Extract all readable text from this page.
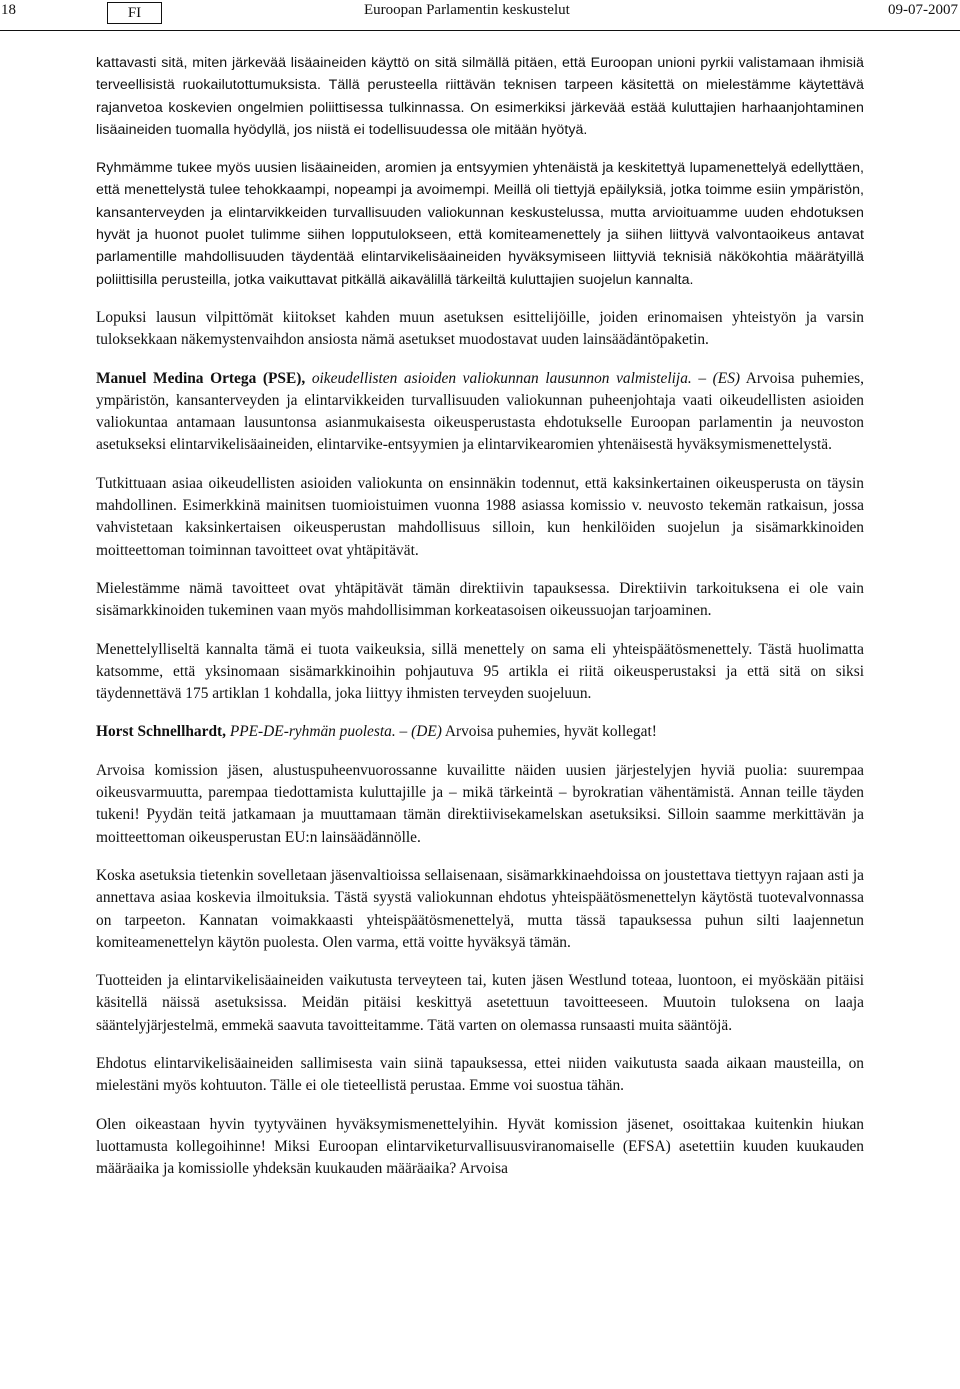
18	FI	Euroopan Parlamentin keskustelut	09-07-2007

kattavasti sitä, miten järkevää lisäaineiden käyttö on sitä silmällä pitäen, että Euroopan unioni pyrkii valistamaan ihmisiä terveellisistä ruokailutottumuksista. Tällä perusteella riittävän teknisen tarpeen käsitettä on mielestämme käytettävä rajanvetoa koskevien ongelmien poliittisessa tulkinnassa. On esimerkiksi järkevää estää kuluttajien harhaanjohtaminen lisäaineiden tuomalla hyödyllä, jos niistä ei todellisuudessa ole mitään hyötyä.

Ryhmämme tukee myös uusien lisäaineiden, aromien ja entsyymien yhtenäistä ja keskitettyä lupamenettelyä edellyttäen, että menettelystä tulee tehokkaampi, nopeampi ja avoimempi. Meillä oli tiettyjä epäilyksiä, jotka toimme esiin ympäristön, kansanterveyden ja elintarvikkeiden turvallisuuden valiokunnan keskustelussa, mutta arvioituamme uuden ehdotuksen hyvät ja huonot puolet tulimme siihen lopputulokseen, että komiteamenettely ja siihen liittyvä valvontaoikeus antavat parlamentille mahdollisuuden täydentää elintarvikelisäaineiden hyväksymiseen liittyviä teknisiä näkökohtia määrätyillä poliittisilla perusteilla, jotka vaikuttavat pitkällä aikavälillä tärkeiltä kuluttajien suojelun kannalta.

Lopuksi lausun vilpittömät kiitokset kahden muun asetuksen esittelijöille, joiden erinomaisen yhteistyön ja varsin tuloksekkaan näkemystenvaihdon ansiosta nämä asetukset muodostavat uuden lainsäädäntöpaketin.

Manuel Medina Ortega (PSE), oikeudellisten asioiden valiokunnan lausunnon valmistelija. – (ES) Arvoisa puhemies, ympäristön, kansanterveyden ja elintarvikkeiden turvallisuuden valiokunnan puheenjohtaja vaati oikeudellisten asioiden valiokuntaa antamaan lausuntonsa asianmukaisesta oikeusperustasta ehdotukselle Euroopan parlamentin ja neuvoston asetukseksi elintarvikelisäaineiden, elintarvike-entsyymien ja elintarvikearomien yhtenäisestä hyväksymismenettelystä.

Tutkittuaan asiaa oikeudellisten asioiden valiokunta on ensinnäkin todennut, että kaksinkertainen oikeusperusta on täysin mahdollinen. Esimerkkinä mainitsen tuomioistuimen vuonna 1988 asiassa komissio v. neuvosto tekemän ratkaisun, jossa vahvistetaan kaksinkertaisen oikeusperustan mahdollisuus silloin, kun henkilöiden suojelun ja sisämarkkinoiden moitteettoman toiminnan tavoitteet ovat yhtäpitävät.

Mielestämme nämä tavoitteet ovat yhtäpitävät tämän direktiivin tapauksessa. Direktiivin tarkoituksena ei ole vain sisämarkkinoiden tukeminen vaan myös mahdollisimman korkeatasoisen oikeussuojan tarjoaminen.

Menettelylliseltä kannalta tämä ei tuota vaikeuksia, sillä menettely on sama eli yhteispäätösmenettely. Tästä huolimatta katsomme, että yksinomaan sisämarkkinoihin pohjautuva 95 artikla ei riitä oikeusperustaksi ja että sitä on siksi täydennettävä 175 artiklan 1 kohdalla, joka liittyy ihmisten terveyden suojeluun.

Horst Schnellhardt, PPE-DE-ryhmän puolesta. – (DE) Arvoisa puhemies, hyvät kollegat!

Arvoisa komission jäsen, alustuspuheenvuorossanne kuvailitte näiden uusien järjestelyjen hyviä puolia: suurempaa oikeusvarmuutta, parempaa tiedottamista kuluttajille ja – mikä tärkeintä – byrokratian vähentämistä. Annan teille täyden tukeni! Pyydän teitä jatkamaan ja muuttamaan tämän direktiivisekamelskan asetuksiksi. Silloin saamme merkittävän ja moitteettoman oikeusperustan EU:n lainsäädännölle.

Koska asetuksia tietenkin sovelletaan jäsenvaltioissa sellaisenaan, sisämarkkinaehdoissa on joustettava tiettyyn rajaan asti ja annettava asiaa koskevia ilmoituksia. Tästä syystä valiokunnan ehdotus yhteispäätösmenettelyn käytöstä tuotevalvonnassa on tarpeeton. Kannatan voimakkaasti yhteispäätösmenettelyä, mutta tässä tapauksessa puhun silti laajennetun komiteamenettelyn käytön puolesta. Olen varma, että voitte hyväksyä tämän.

Tuotteiden ja elintarvikelisäaineiden vaikutusta terveyteen tai, kuten jäsen Westlund toteaa, luontoon, ei myöskään pitäisi käsitellä näissä asetuksissa. Meidän pitäisi keskittyä asetettuun tavoitteeseen. Muutoin tuloksena on laaja sääntelyjärjestelmä, emmekä saavuta tavoitteitamme. Tätä varten on olemassa runsaasti muita sääntöjä.

Ehdotus elintarvikelisäaineiden sallimisesta vain siinä tapauksessa, ettei niiden vaikutusta saada aikaan mausteilla, on mielestäni myös kohtuuton. Tälle ei ole tieteellistä perustaa. Emme voi suostua tähän.

Olen oikeastaan hyvin tyytyväinen hyväksymismenettelyihin. Hyvät komission jäsenet, osoittakaa kuitenkin hiukan luottamusta kollegoihinne! Miksi Euroopan elintarviketurvallisuusviranomaiselle (EFSA) asetettiin kuuden kuukauden määräaika ja komissiolle yhdeksän kuukauden määräaika? Arvoisa
